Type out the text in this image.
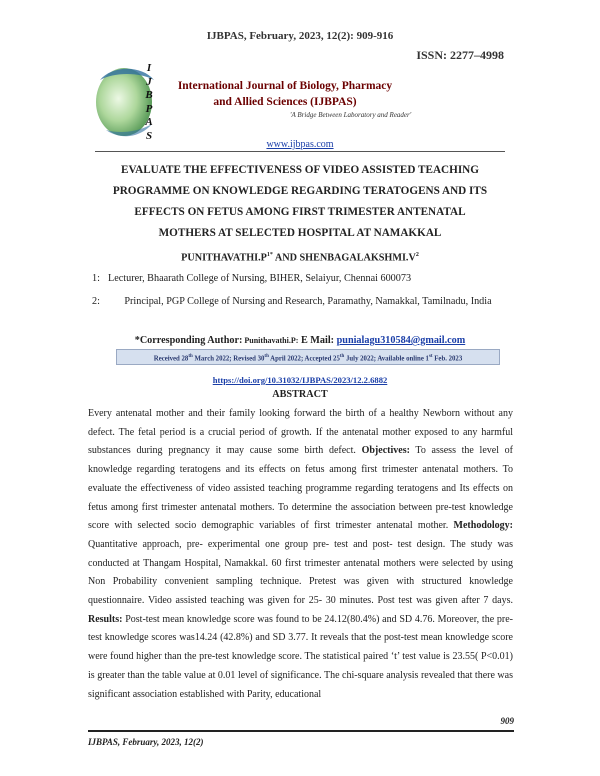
IJBPAS, February, 2023, 12(2): 909-916
ISSN: 2277–4998
I
J
B
P
A
S
International Journal of Biology, Pharmacy
and Allied Sciences (IJBPAS)
'A Bridge Between Laboratory and Reader'
www.ijbpas.com
EVALUATE THE EFFECTIVENESS OF VIDEO ASSISTED TEACHING
PROGRAMME ON KNOWLEDGE REGARDING TERATOGENS AND ITS
EFFECTS ON FETUS AMONG FIRST TRIMESTER ANTENATAL
MOTHERS AT SELECTED HOSPITAL AT NAMAKKAL
$PUNITHAVATHI.P^{1*}$ AND $SHENBAGALAKSHMI.V^2$
1: Lecturer, Bhaarath College of Nursing, BIHER, Selaiyur, Chennai 600073
2: Principal, PGP College of Nursing and Research, Paramathy, Namakkal, Tamilnadu, India
*Corresponding Author: Punithavathi.P: E Mail: punialagu310584@gmail.com
Received 28th March 2022; Revised 30th April 2022; Accepted 25th July 2022; Available online 1st Feb. 2023
https://doi.org/10.31032/IJBPAS/2023/12.2.6882
ABSTRACT
Every antenatal mother and their family looking forward the birth of a healthy Newborn without any defect. The fetal period is a crucial period of growth. If the antenatal mother exposed to any harmful substances during pregnancy it may cause some birth defect. Objectives: To assess the level of knowledge regarding teratogens and its effects on fetus among first trimester antenatal mothers. To evaluate the effectiveness of video assisted teaching programme regarding teratogens and Its effects on fetus among first trimester antenatal mothers. To determine the association between pre-test knowledge score with selected socio demographic variables of first trimester antenatal mother. Methodology: Quantitative approach, pre- experimental one group pre- test and post- test design. The study was conducted at Thangam Hospital, Namakkal. 60 first trimester antenatal mothers were selected by using Non Probability convenient sampling technique. Pretest was given with structured knowledge questionnaire. Video assisted teaching was given for 25- 30 minutes. Post test was given after 7 days. Results: Post-test mean knowledge score was found to be 24.12(80.4%) and SD 4.76. Moreover, the pre-test knowledge scores was14.24 (42.8%) and SD 3.77. It reveals that the post-test mean knowledge score were found higher than the pre-test knowledge score. The statistical paired ‘t’ test value is 23.55( P<0.01) is greater than the table value at 0.01 level of significance. The chi-square analysis revealed that there was significant association established with Parity, educational
909
IJBPAS, February, 2023, 12(2)
